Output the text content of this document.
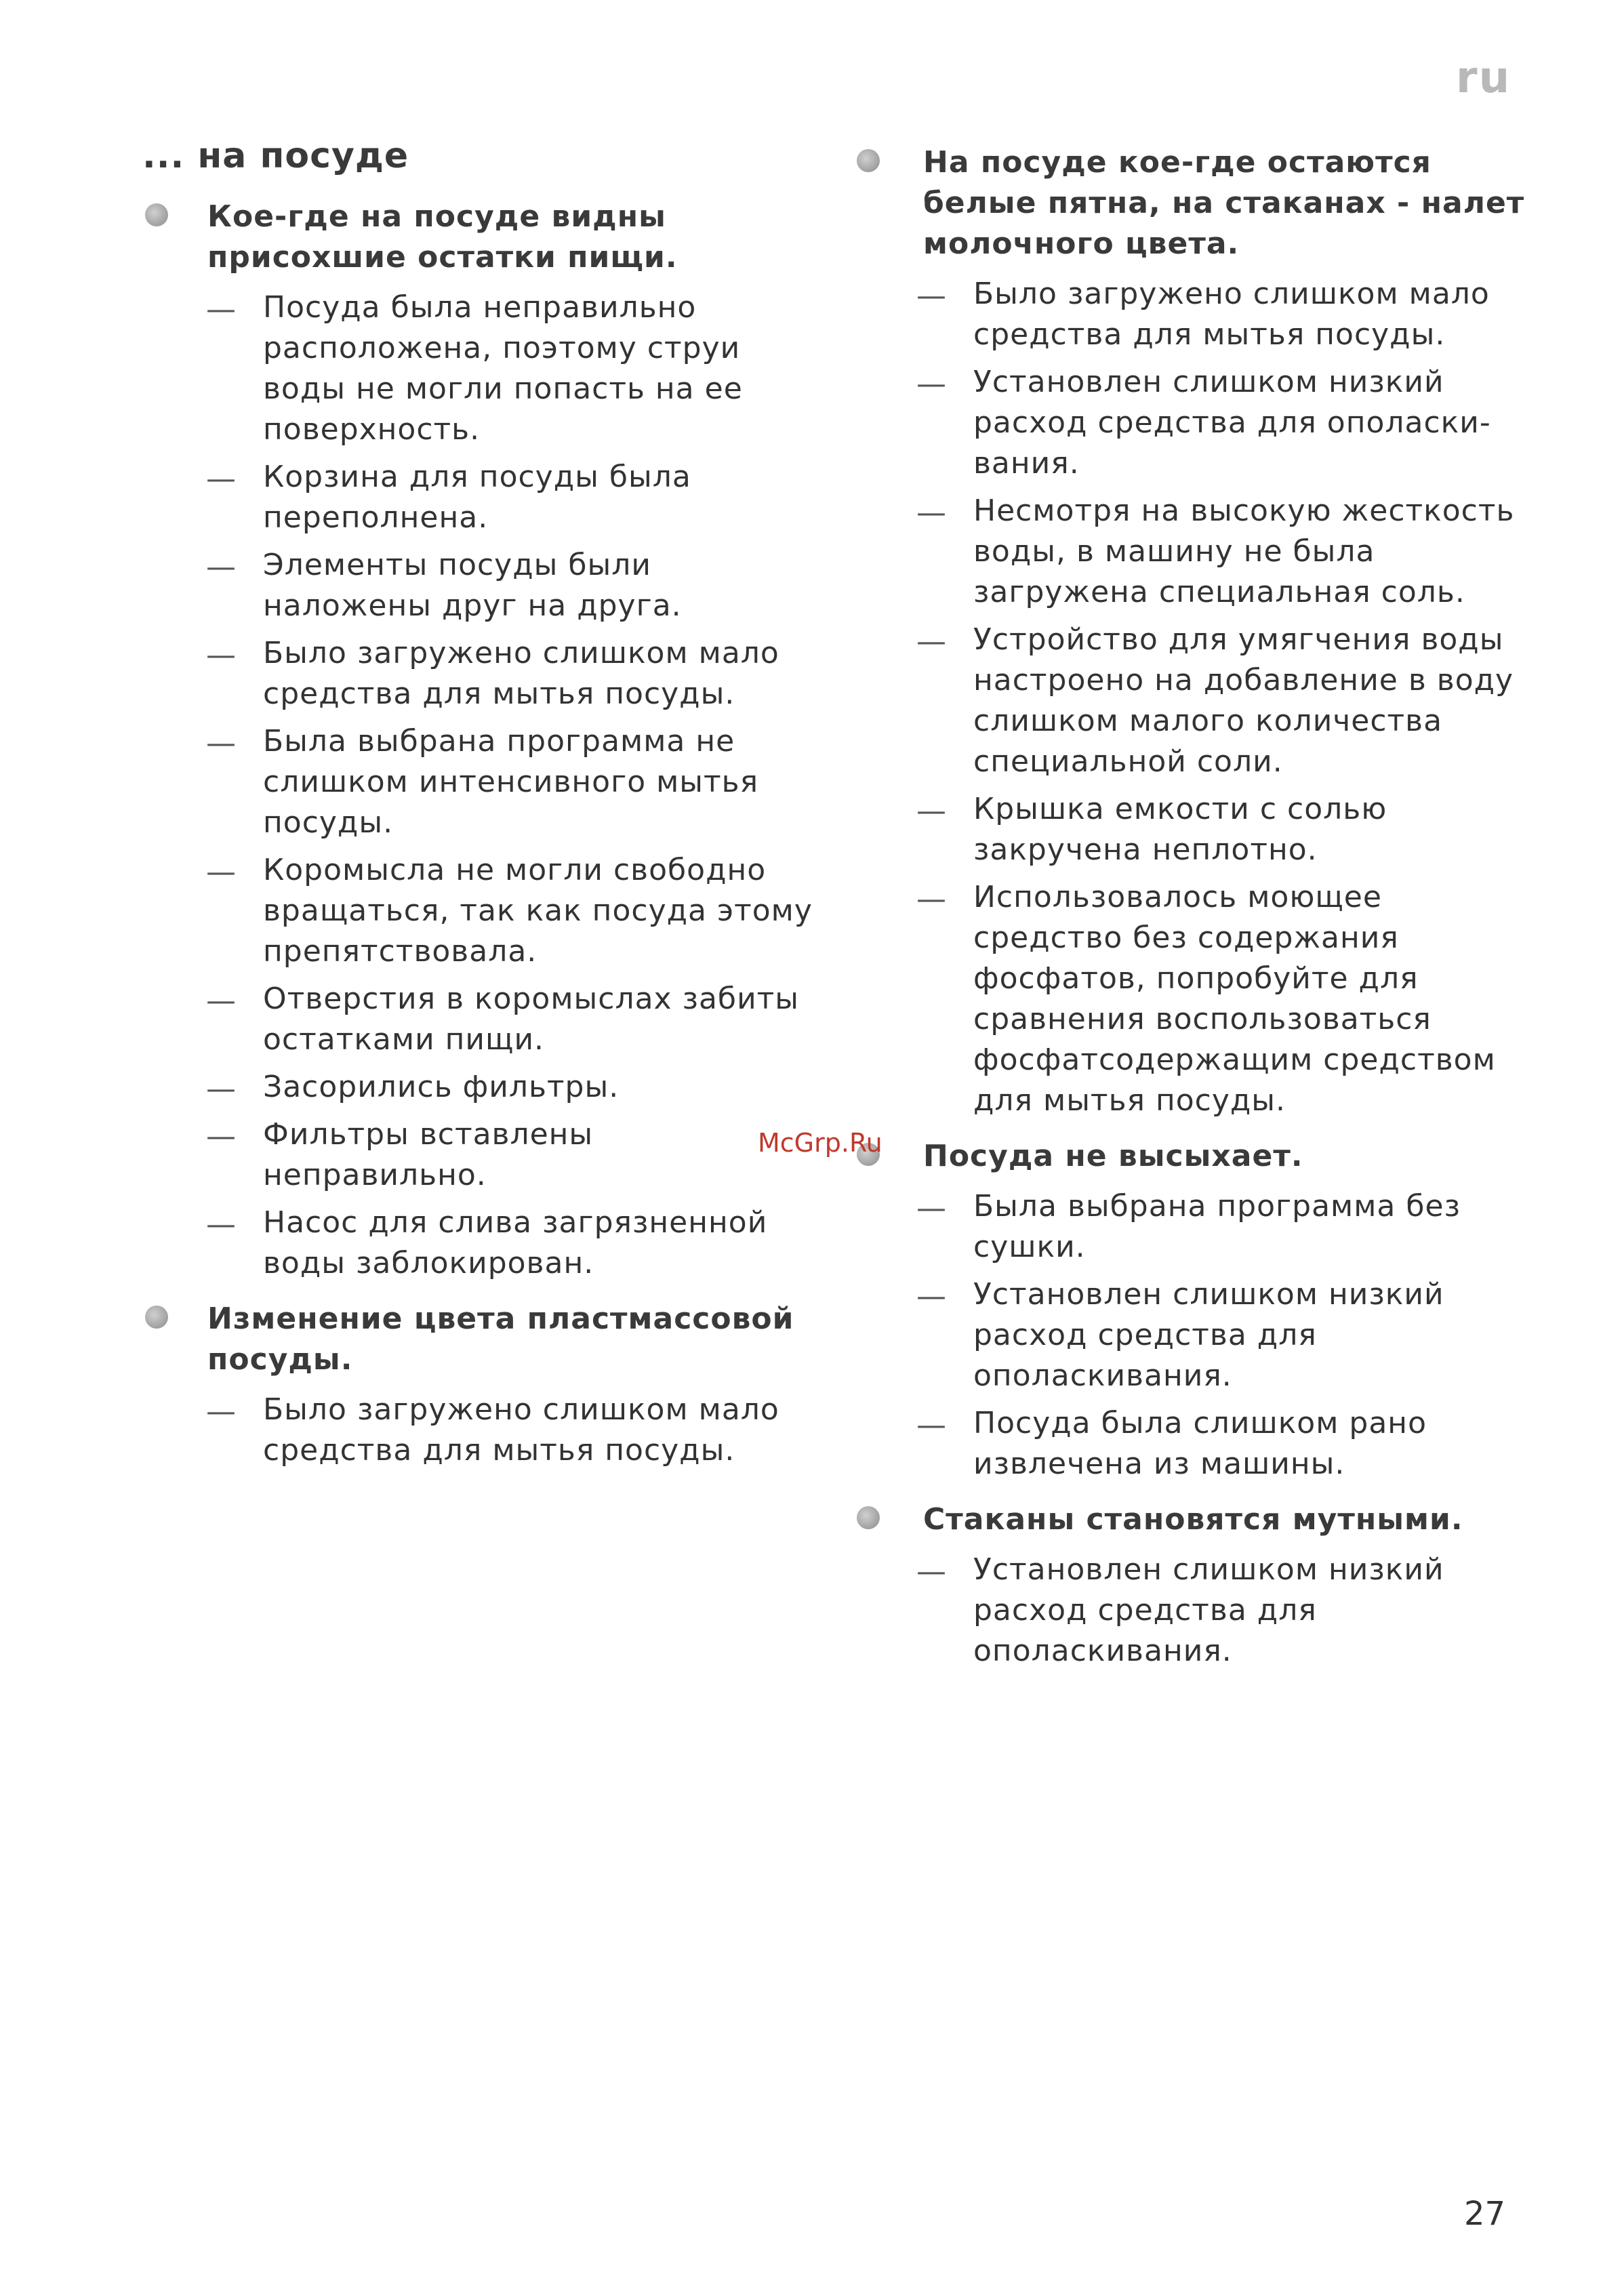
ru
... на посуде
Кое-где на посуде видны присохшие остатки пищи.
— Посуда была неправильно расположена, поэтому струи воды не могли попасть на ее поверхность.
— Корзина для посуды была переполнена.
— Элементы посуды были наложены друг на друга.
— Было загружено слишком мало средства для мытья посуды.
— Была выбрана программа не слишком интенсивного мытья посуды.
— Коромысла не могли свободно вращаться, так как посуда этому препятствовала.
— Отверстия в коромыслах забиты остатками пищи.
— Засорились фильтры.
— Фильтры вставлены неправильно.
— Насос для слива загрязненной воды заблокирован.
Изменение цвета пластмассовой посуды.
— Было загружено слишком мало средства для мытья посуды.
На посуде кое-где остаются белые пятна, на стаканах - налет молочного цвета.
— Было загружено слишком мало средства для мытья посуды.
— Установлен слишком низкий расход средства для ополаски- вания.
— Несмотря на высокую жесткость воды, в машину не была загружена специальная соль.
— Устройство для умягчения воды настроено на добавление в воду слишком малого количества специальной соли.
— Крышка емкости с солью закручена неплотно.
— Использовалось моющее средство без содержания фосфатов, попробуйте для сравнения воспользоваться фосфатсодержащим средством для мытья посуды.
Посуда не высыхает.
— Была выбрана программа без сушки.
— Установлен слишком низкий расход средства для ополаскивания.
— Посуда была слишком рано извлечена из машины.
Стаканы становятся мутными.
— Установлен слишком низкий расход средства для ополаскивания.
McGrp.Ru
27
